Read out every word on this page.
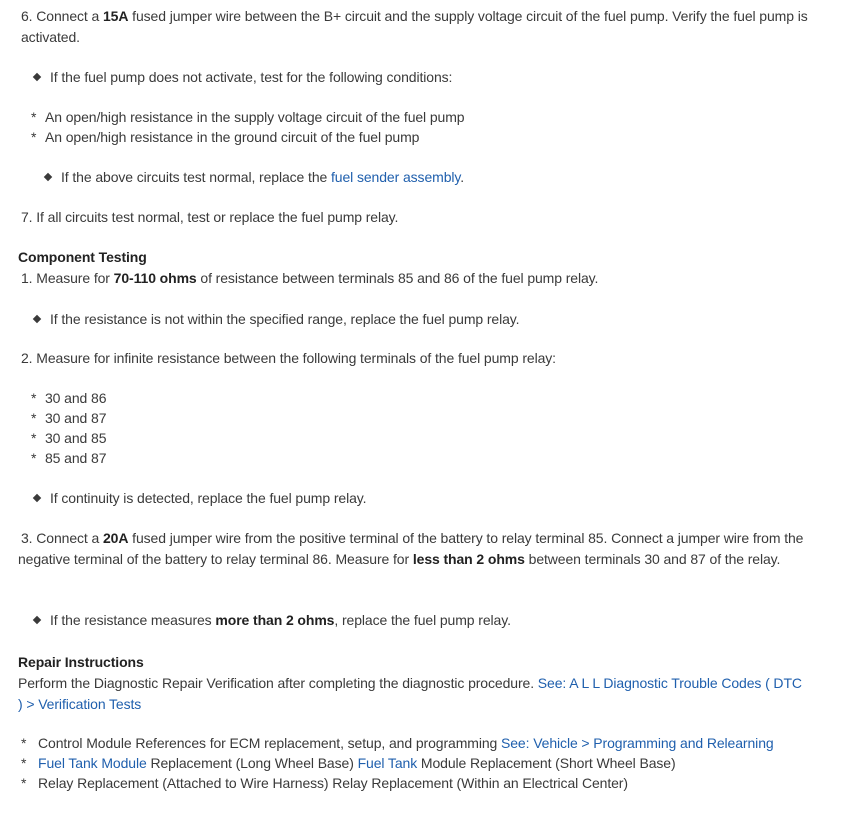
6. Connect a 15A fused jumper wire between the B+ circuit and the supply voltage circuit of the fuel pump. Verify the fuel pump is activated.
If the fuel pump does not activate, test for the following conditions:
* An open/high resistance in the supply voltage circuit of the fuel pump
* An open/high resistance in the ground circuit of the fuel pump
If the above circuits test normal, replace the fuel sender assembly.
7. If all circuits test normal, test or replace the fuel pump relay.
Component Testing
1. Measure for 70-110 ohms of resistance between terminals 85 and 86 of the fuel pump relay.
If the resistance is not within the specified range, replace the fuel pump relay.
2. Measure for infinite resistance between the following terminals of the fuel pump relay:
* 30 and 86
* 30 and 87
* 30 and 85
* 85 and 87
If continuity is detected, replace the fuel pump relay.
3. Connect a 20A fused jumper wire from the positive terminal of the battery to relay terminal 85. Connect a jumper wire from the negative terminal of the battery to relay terminal 86. Measure for less than 2 ohms between terminals 30 and 87 of the relay.
If the resistance measures more than 2 ohms, replace the fuel pump relay.
Repair Instructions
Perform the Diagnostic Repair Verification after completing the diagnostic procedure. See: A L L Diagnostic Trouble Codes ( DTC ) > Verification Tests
* Control Module References for ECM replacement, setup, and programming See: Vehicle > Programming and Relearning
* Fuel Tank Module Replacement (Long Wheel Base) Fuel Tank Module Replacement (Short Wheel Base)
* Relay Replacement (Attached to Wire Harness) Relay Replacement (Within an Electrical Center)
